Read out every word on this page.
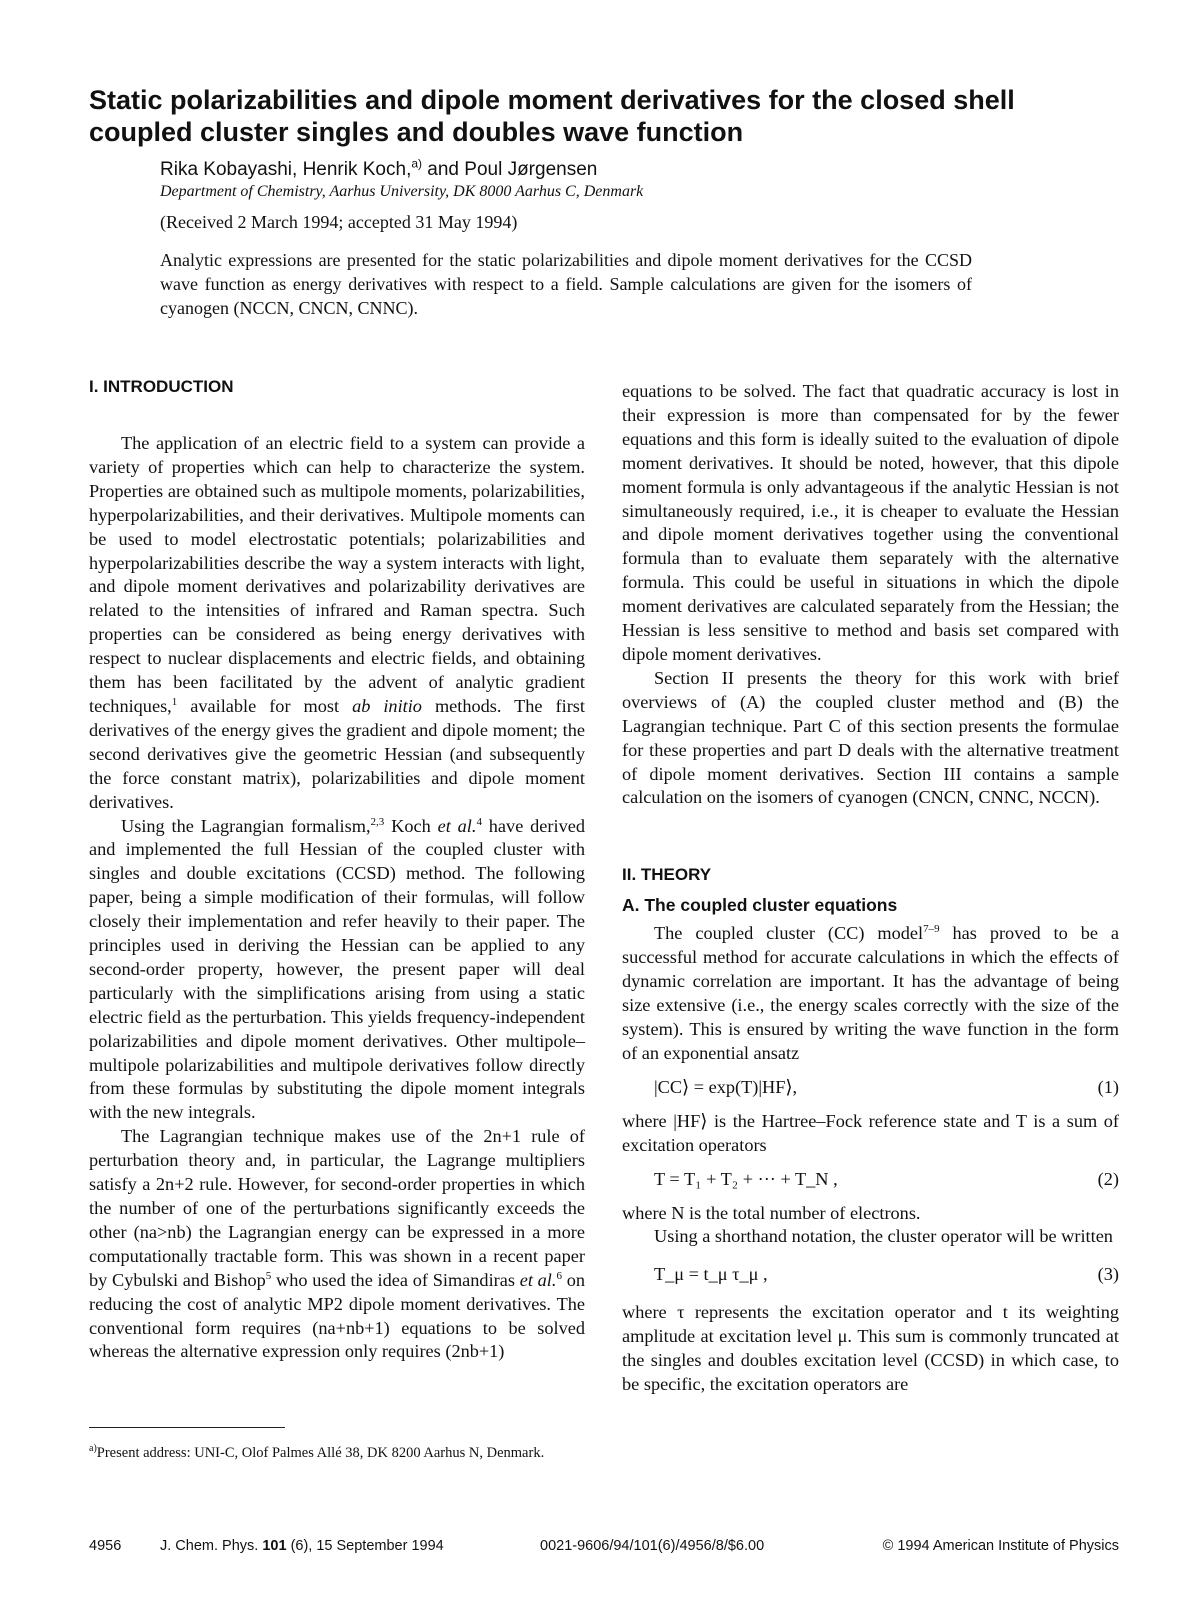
Static polarizabilities and dipole moment derivatives for the closed shell coupled cluster singles and doubles wave function
Rika Kobayashi, Henrik Koch,$^{a)}$ and Poul Jørgensen
Department of Chemistry, Aarhus University, DK 8000 Aarhus C, Denmark
(Received 2 March 1994; accepted 31 May 1994)

Analytic expressions are presented for the static polarizabilities and dipole moment derivatives for the CCSD wave function as energy derivatives with respect to a field. Sample calculations are given for the isomers of cyanogen (NCCN, CNCN, CNNC).

I. INTRODUCTION

The application of an electric field to a system can provide a variety of properties which can help to characterize the system. Properties are obtained such as multipole moments, polarizabilities, hyperpolarizabilities, and their derivatives. Multipole moments can be used to model electrostatic potentials; polarizabilities and hyperpolarizabilities describe the way a system interacts with light, and dipole moment derivatives and polarizability derivatives are related to the intensities of infrared and Raman spectra. Such properties can be considered as being energy derivatives with respect to nuclear displacements and electric fields, and obtaining them has been facilitated by the advent of analytic gradient techniques,$^1$ available for most ab initio methods. The first derivatives of the energy gives the gradient and dipole moment; the second derivatives give the geometric Hessian (and subsequently the force constant matrix), polarizabilities and dipole moment derivatives.

Using the Lagrangian formalism,$^{2,3}$ Koch et al.$^4$ have derived and implemented the full Hessian of the coupled cluster with singles and double excitations (CCSD) method. The following paper, being a simple modification of their formulas, will follow closely their implementation and refer heavily to their paper. The principles used in deriving the Hessian can be applied to any second-order property, however, the present paper will deal particularly with the simplifications arising from using a static electric field as the perturbation. This yields frequency-independent polarizabilities and dipole moment derivatives. Other multipole–multipole polarizabilities and multipole derivatives follow directly from these formulas by substituting the dipole moment integrals with the new integrals.

The Lagrangian technique makes use of the 2n+1 rule of perturbation theory and, in particular, the Lagrange multipliers satisfy a 2n+2 rule. However, for second-order properties in which the number of one of the perturbations significantly exceeds the other (na>nb) the Lagrangian energy can be expressed in a more computationally tractable form. This was shown in a recent paper by Cybulski and Bishop$^5$ who used the idea of Simandiras et al.$^6$ on reducing the cost of analytic MP2 dipole moment derivatives. The conventional form requires (na+nb+1) equations to be solved whereas the alternative expression only requires (2nb+1)

equations to be solved. The fact that quadratic accuracy is lost in their expression is more than compensated for by the fewer equations and this form is ideally suited to the evaluation of dipole moment derivatives. It should be noted, however, that this dipole moment formula is only advantageous if the analytic Hessian is not simultaneously required, i.e., it is cheaper to evaluate the Hessian and dipole moment derivatives together using the conventional formula than to evaluate them separately with the alternative formula. This could be useful in situations in which the dipole moment derivatives are calculated separately from the Hessian; the Hessian is less sensitive to method and basis set compared with dipole moment derivatives.

Section II presents the theory for this work with brief overviews of (A) the coupled cluster method and (B) the Lagrangian technique. Part C of this section presents the formulae for these properties and part D deals with the alternative treatment of dipole moment derivatives. Section III contains a sample calculation on the isomers of cyanogen (CNCN, CNNC, NCCN).

II. THEORY
A. The coupled cluster equations

The coupled cluster (CC) model$^{7-9}$ has proved to be a successful method for accurate calculations in which the effects of dynamic correlation are important. It has the advantage of being size extensive (i.e., the energy scales correctly with the size of the system). This is ensured by writing the wave function in the form of an exponential ansatz

|CC⟩ = exp(T)|HF⟩,	(1)

where |HF⟩ is the Hartree–Fock reference state and T is a sum of excitation operators

T = T₁ + T₂ + ··· + T_N ,	(2)

where N is the total number of electrons.

Using a shorthand notation, the cluster operator will be written

T_μ = t_μ τ_μ ,	(3)

where τ represents the excitation operator and t its weighting amplitude at excitation level μ. This sum is commonly truncated at the singles and doubles excitation level (CCSD) in which case, to be specific, the excitation operators are

$^{a)}$Present address: UNI-C, Olof Palmes Allé 38, DK 8200 Aarhus N, Denmark.
4956	J. Chem. Phys. 101 (6), 15 September 1994	0021-9606/94/101(6)/4956/8/$6.00	© 1994 American Institute of Physics
